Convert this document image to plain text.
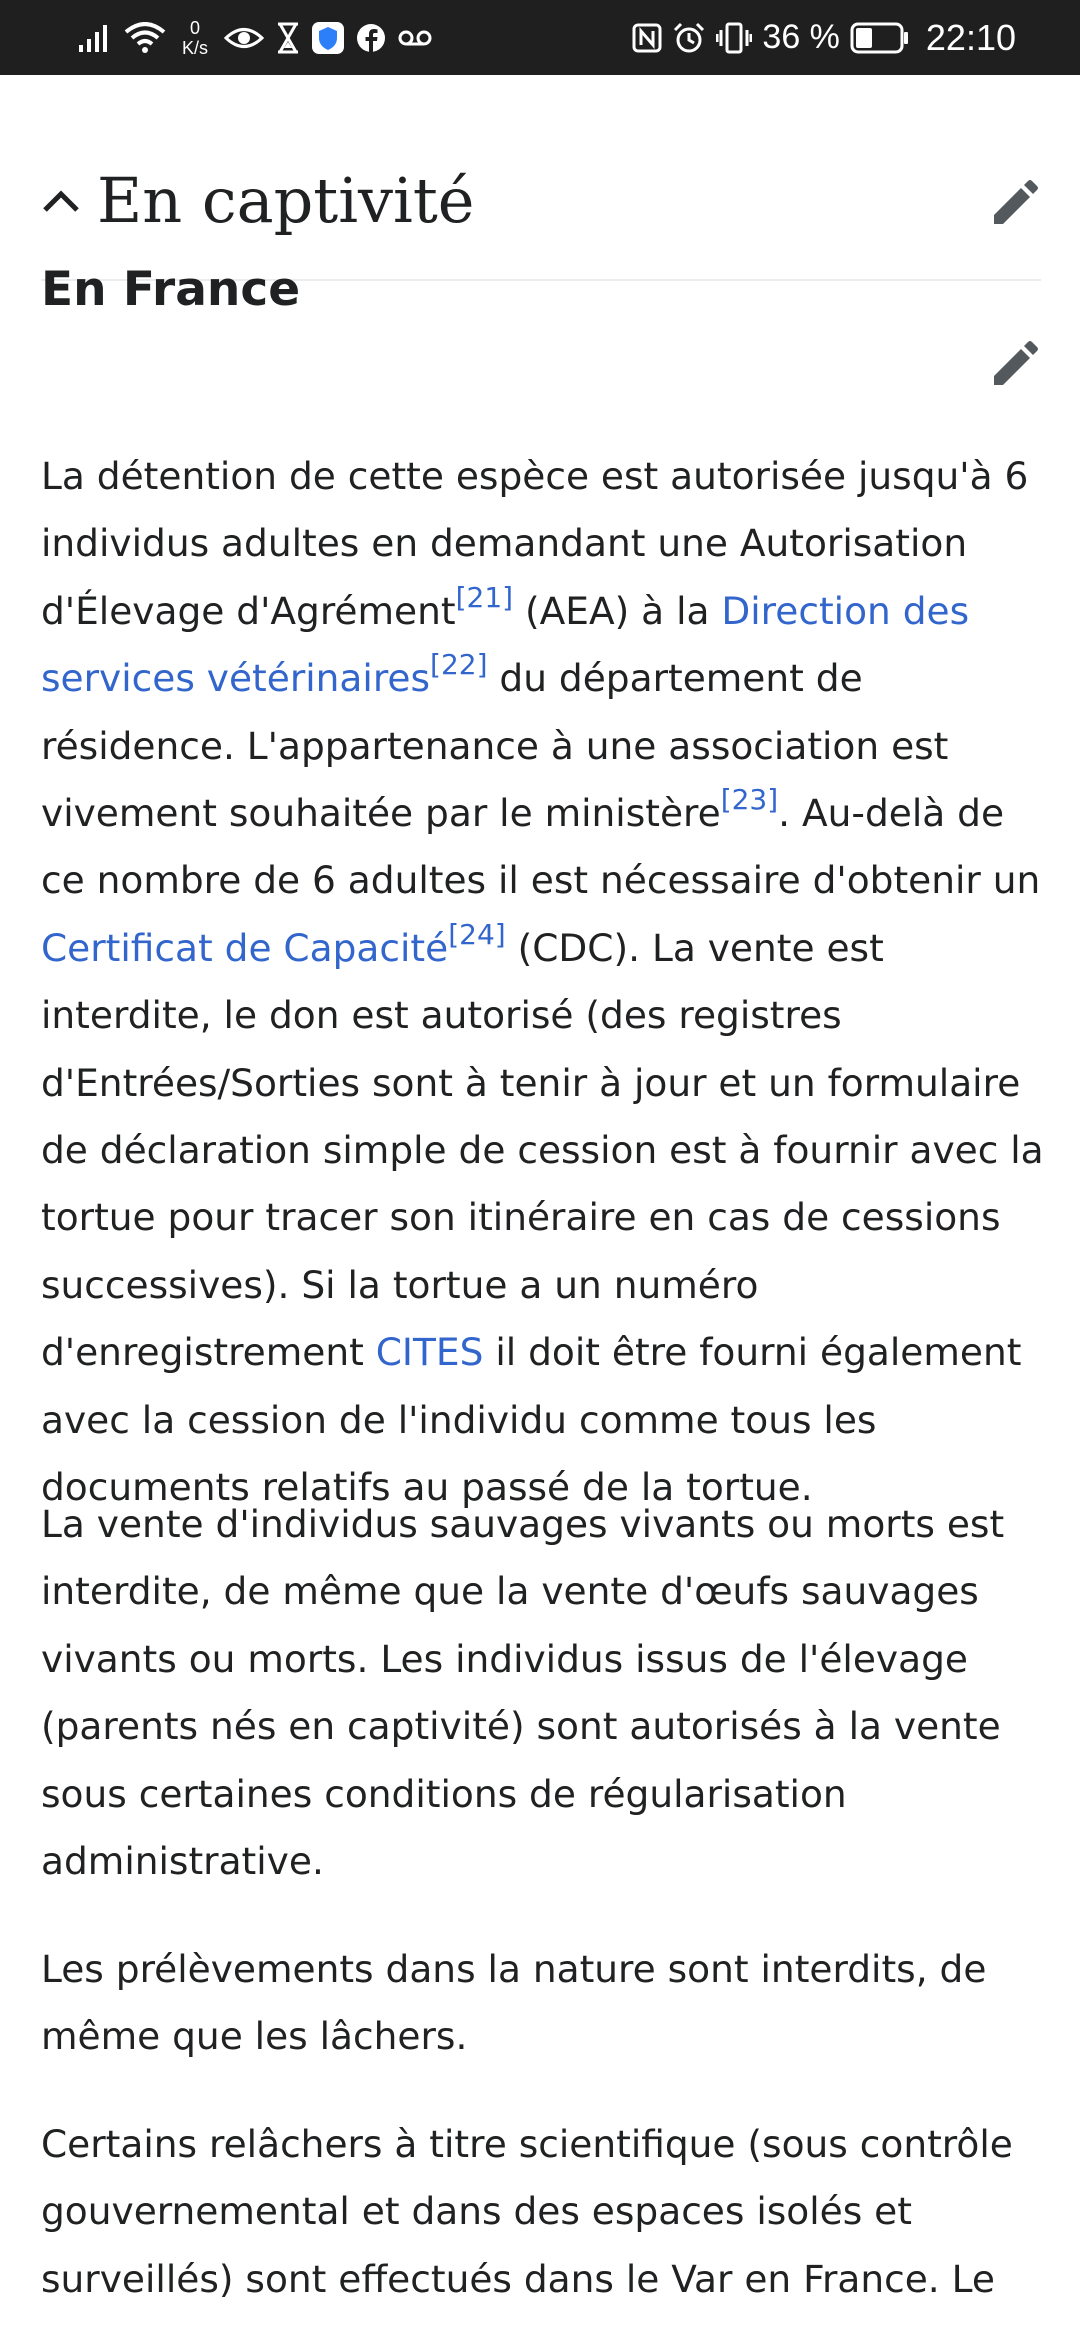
0
K/s	36 % 22:10
En captivité
En France

La détention de cette espèce est autorisée jusqu'à 6 individus adultes en demandant une Autorisation d'Élevage d'Agrément[21] (AEA) à la Direction des services vétérinaires[22] du département de résidence. L'appartenance à une association est vivement souhaitée par le ministère[23]. Au-delà de ce nombre de 6 adultes il est nécessaire d'obtenir un Certificat de Capacité[24] (CDC). La vente est interdite, le don est autorisé (des registres d'Entrées/Sorties sont à tenir à jour et un formulaire de déclaration simple de cession est à fournir avec la tortue pour tracer son itinéraire en cas de cessions successives). Si la tortue a un numéro d'enregistrement CITES il doit être fourni également avec la cession de l'individu comme tous les documents relatifs au passé de la tortue.

La vente d'individus sauvages vivants ou morts est interdite, de même que la vente d'œufs sauvages vivants ou morts. Les individus issus de l'élevage (parents nés en captivité) sont autorisés à la vente sous certaines conditions de régularisation administrative.

Les prélèvements dans la nature sont interdits, de même que les lâchers.

Certains relâchers à titre scientifique (sous contrôle gouvernemental et dans des espaces isolés et surveillés) sont effectués dans le Var en France. Le
